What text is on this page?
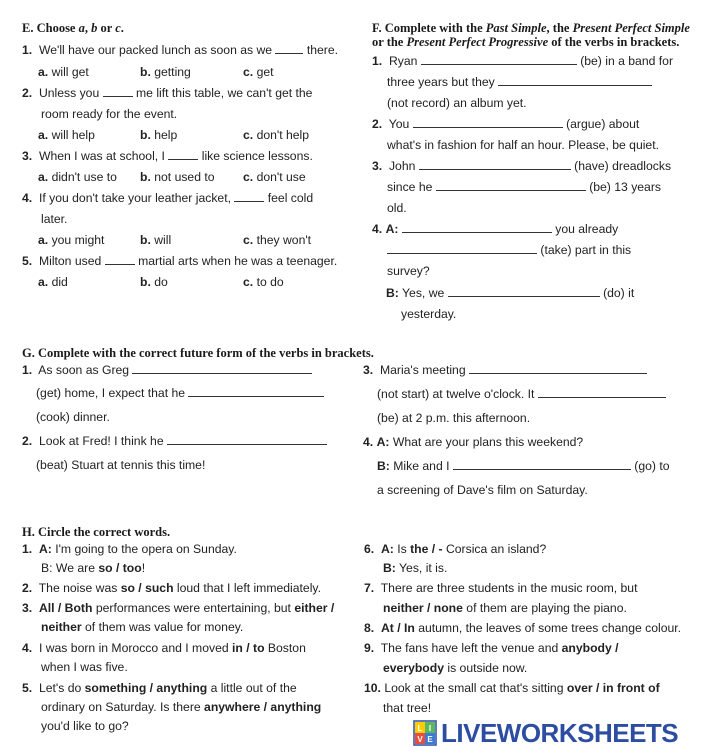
E. Choose a, b or c.
1. We'll have our packed lunch as soon as we	there.
a. will get	b. getting	c. get
2. Unless you	me lift this table, we can't get the
room ready for the event.
a. will help	b. help	c. don't help
3. When I was at school, I	like science lessons.
a. didn't use to b. not used to c. don't use
4. If you don't take your leather jacket,	feel cold
later.
a. you might	b. will	c. they won't
5. Milton used	martial arts when he was a teenager.
a. did	b. do	c. to do
F. Complete with the Past Simple, the Present Perfect Simple
or the Present Perfect Progressive of the verbs in brackets.
1. Ryan	(be) in a band for
three years but they
(not record) an album yet.
2. You	(argue) about
what's in fashion for half an hour. Please, be quiet.
3. John	(have) dreadlocks
since he	(be) 13 years
old.
4. A:	you already
(take) part in this
survey?
B: Yes, we	(do) it
yesterday.
G. Complete with the correct future form of the verbs in brackets.
1. As soon as Greg
(get) home, I expect that he
(cook) dinner.
2. Look at Fred! I think he
(beat) Stuart at tennis this time!
3. Maria's meeting
(not start) at twelve o'clock. It
(be) at 2 p.m. this afternoon.
4. A: What are your plans this weekend?
B: Mike and I	(go) to
a screening of Dave's film on Saturday.
H. Circle the correct words.
1. A: I'm going to the opera on Sunday.
B: We are so / too!
2. The noise was so / such loud that I left immediately.
3. All / Both performances were entertaining, but either /
neither of them was value for money.
4. I was born in Morocco and I moved in / to Boston
when I was five.
5. Let's do something / anything a little out of the
ordinary on Saturday. Is there anywhere / anything
you'd like to go?
6. A: Is the / - Corsica an island?
B: Yes, it is.
7. There are three students in the music room, but
neither / none of them are playing the piano.
8. At / In autumn, the leaves of some trees change colour.
9. The fans have left the venue and anybody /
everybody is outside now.
10. Look at the small cat that's sitting over / in front of
that tree!
L I
V E LIVEWORKSHEETS
